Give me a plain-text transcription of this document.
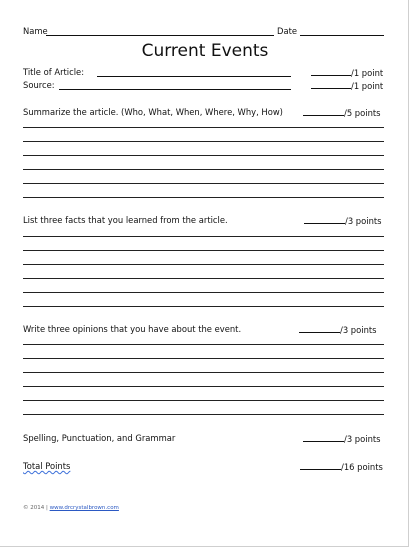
Name	Date
Current Events
Title of Article:	/1 point
Source:	/1 point
Summarize the article. (Who, What, When, Where, Why, How)	/5 points
List three facts that you learned from the article.	/3 points
Write three opinions that you have about the event.	/3 points
Spelling, Punctuation, and Grammar	/3 points
Total Points	/16 points
© 2014 | www.drcrystalbrown.com
